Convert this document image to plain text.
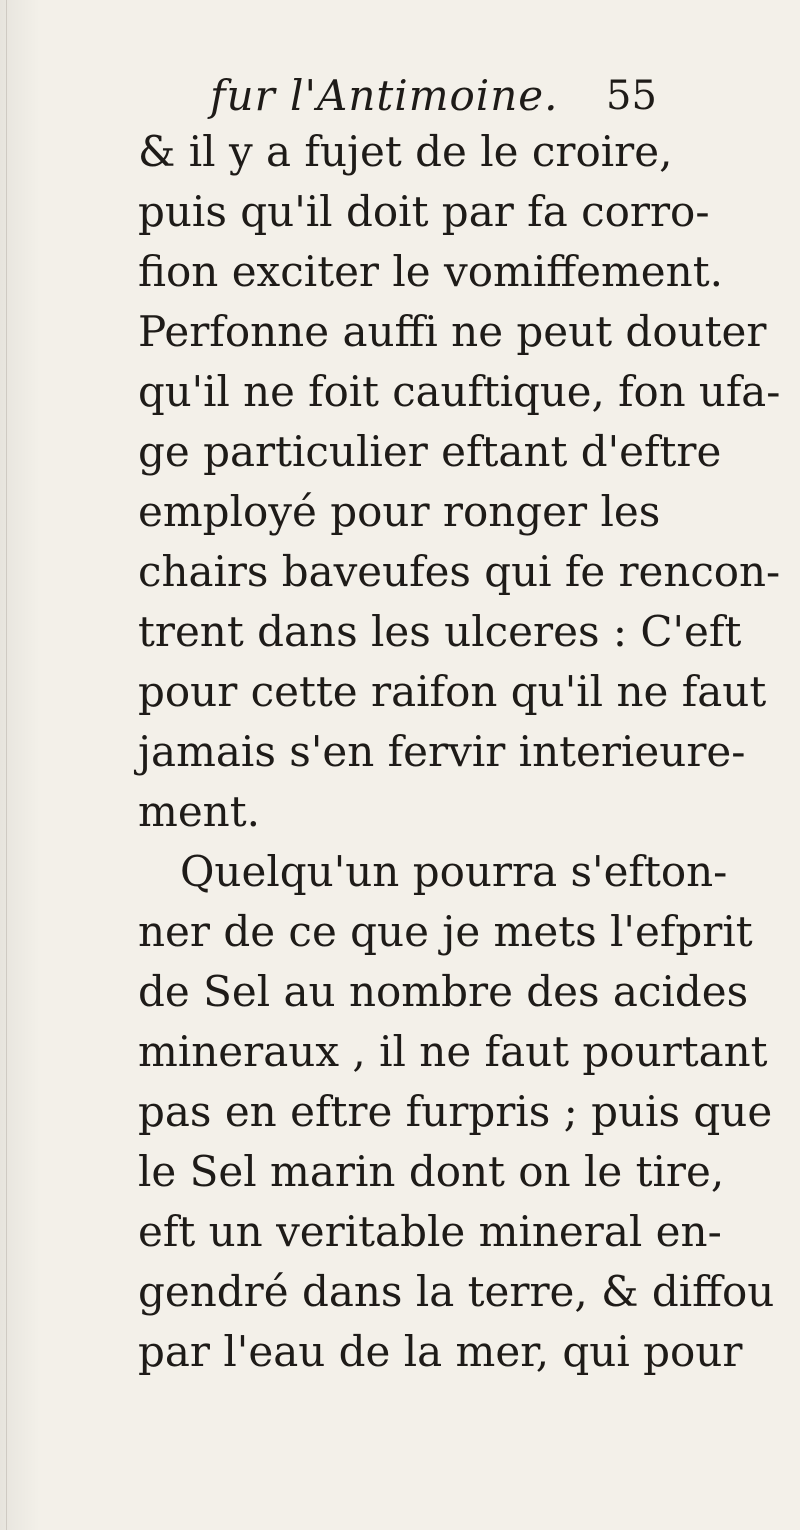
fur l'Antimoine. 55
& il y a fujet de le croire,
puis qu'il doit par fa corro-
fion exciter le vomiffement.
Perfonne auffi ne peut douter
qu'il ne foit cauftique, fon ufa-
ge particulier eftant d'eftre
employé pour ronger les
chairs baveufes qui fe rencon-
trent dans les ulceres : C'eft
pour cette raifon qu'il ne faut
jamais s'en fervir interieure-
ment.
Quelqu'un pourra s'efton-
ner de ce que je mets l'efprit
de Sel au nombre des acides
mineraux , il ne faut pourtant
pas en eftre furpris ; puis que
le Sel marin dont on le tire,
eft un veritable mineral en-
gendré dans la terre, & diffou
par l'eau de la mer, qui pour
